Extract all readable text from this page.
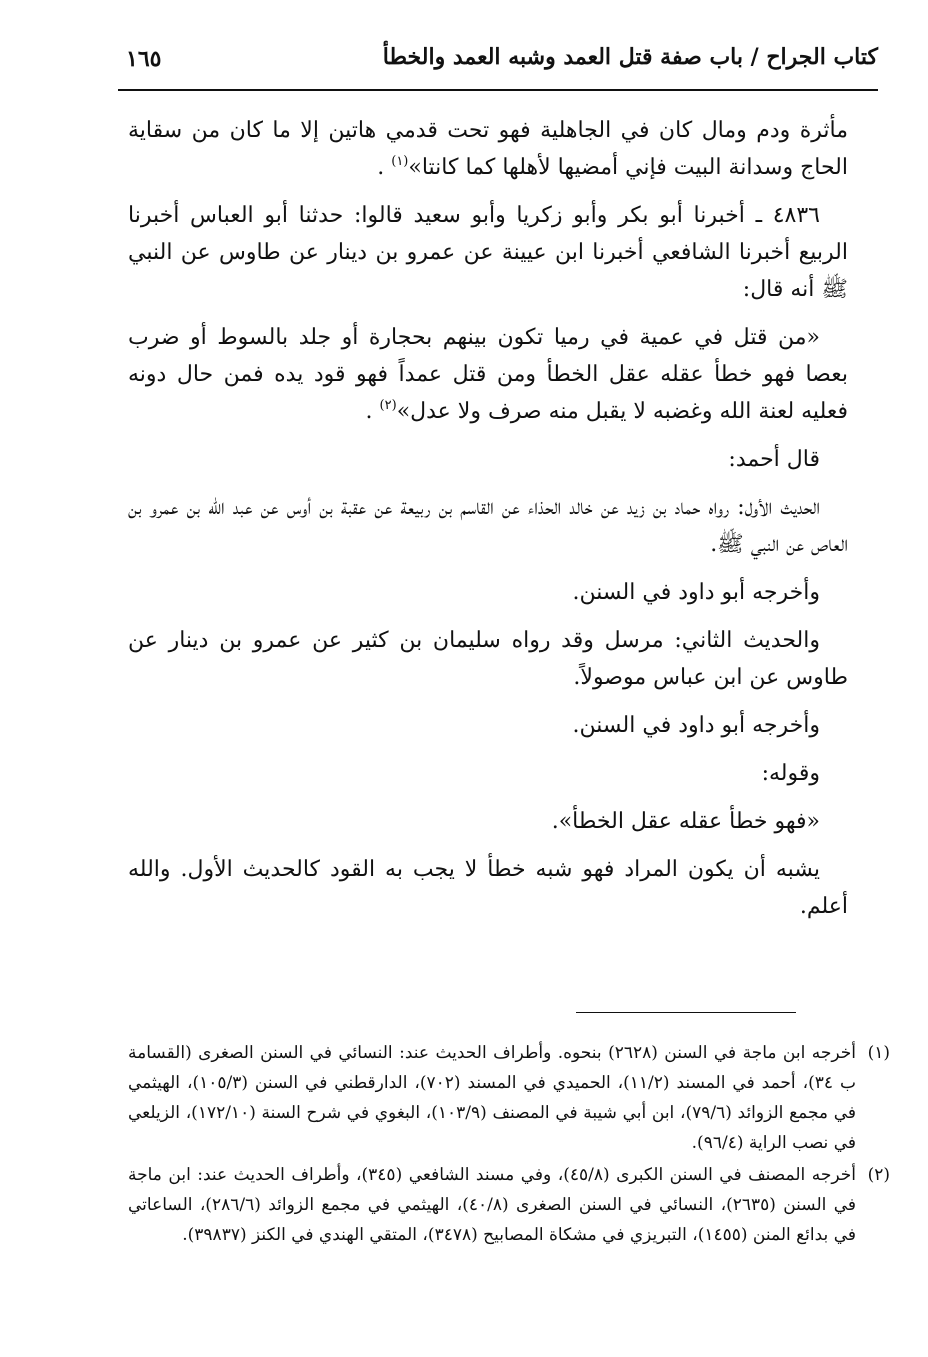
كتاب الجراح / باب صفة قتل العمد وشبه العمد والخطأ
١٦٥

مأثرة ودم ومال كان في الجاهلية فهو تحت قدمي هاتين إلا ما كان من سقاية الحاج وسدانة البيت فإني أمضيها لأهلها كما كانتا»$^{(١)}$ .

٤٨٣٦ ـ أخبرنا أبو بكر وأبو زكريا وأبو سعيد قالوا: حدثنا أبو العباس أخبرنا الربيع أخبرنا الشافعي أخبرنا ابن عيينة عن عمرو بن دينار عن طاوس عن النبي ﷺ أنه قال:

«من قتل في عمية في رميا تكون بينهم بحجارة أو جلد بالسوط أو ضرب بعصا فهو خطأ عقله عقل الخطأ ومن قتل عمداً فهو قود يده فمن حال دونه فعليه لعنة الله وغضبه لا يقبل منه صرف ولا عدل»$^{(٢)}$ .

قال أحمد:

الحديث الأول: رواه حماد بن زيد عن خالد الحذاء عن القاسم بن ربيعة عن عقبة بن أوس عن عبد الله بن عمرو بن العاص عن النبي ﷺ.

وأخرجه أبو داود في السنن.

والحديث الثاني: مرسل وقد رواه سليمان بن كثير عن عمرو بن دينار عن طاوس عن ابن عباس موصولاً.

وأخرجه أبو داود في السنن.

وقوله:

«فهو خطأ عقله عقل الخطأ».

يشبه أن يكون المراد فهو شبه خطأ لا يجب به القود كالحديث الأول. والله أعلم.

(١)
أخرجه ابن ماجة في السنن (٢٦٢٨) بنحوه. وأطراف الحديث عند: النسائي في السنن الصغرى (القسامة ب ٣٤)، أحمد في المسند (١١/٢)، الحميدي في المسند (٧٠٢)، الدارقطني في السنن (١٠٥/٣)، الهيثمي في مجمع الزوائد (٧٩/٦)، ابن أبي شيبة في المصنف (١٠٣/٩)، البغوي في شرح السنة (١٧٢/١٠)، الزيلعي في نصب الراية (٩٦/٤).
(٢)
أخرجه المصنف في السنن الكبرى (٤٥/٨)، وفي مسند الشافعي (٣٤٥)، وأطراف الحديث عند: ابن ماجة في السنن (٢٦٣٥)، النسائي في السنن الصغرى (٤٠/٨)، الهيثمي في مجمع الزوائد (٢٨٦/٦)، الساعاتي في بدائع المنن (١٤٥٥)، التبريزي في مشكاة المصابيح (٣٤٧٨)، المتقي الهندي في الكنز (٣٩٨٣٧).
